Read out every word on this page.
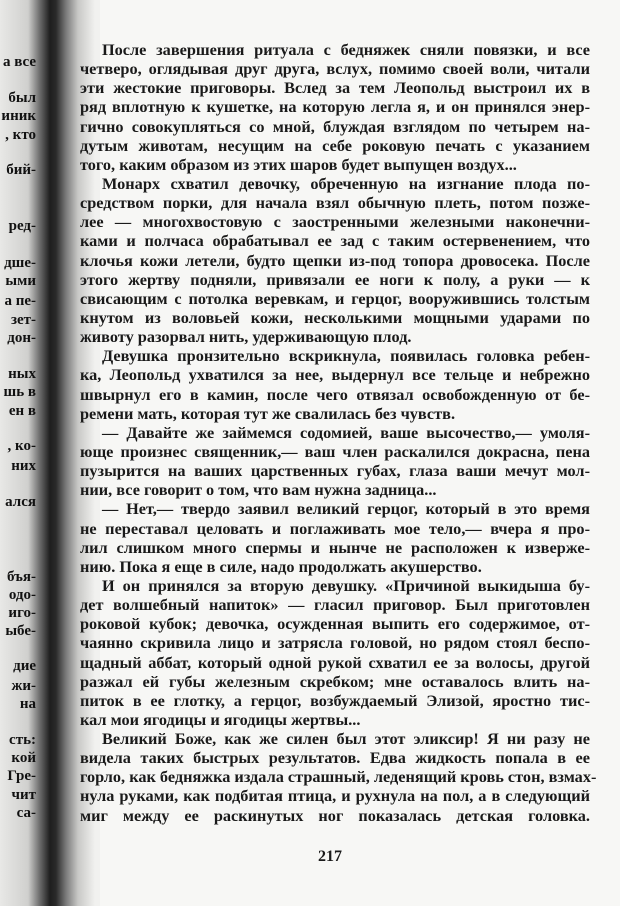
а все
был
иник
, кто
бий-
ред-
дше-
ыми
а пе-
зет-
дон-
ных
шь в
ен в
, ко-
них
ался
бъя-
одо-
иго-
ыбе-
дие
жи-
на
сть:
кой
Гре-
чит
са-
После завершения ритуала с бедняжек сняли повязки, и все
четверо, оглядывая друг друга, вслух, помимо своей воли, читали
эти жестокие приговоры. Вслед за тем Леопольд выстроил их в
ряд вплотную к кушетке, на которую легла я, и он принялся энер-
гично совокупляться со мной, блуждая взглядом по четырем на-
дутым животам, несущим на себе роковую печать с указанием
того, каким образом из этих шаров будет выпущен воздух...
Монарх схватил девочку, обреченную на изгнание плода по-
средством порки, для начала взял обычную плеть, потом позже-
лее — многохвостовую с заостренными железными наконечни-
ками и полчаса обрабатывал ее зад с таким остервенением, что
клочья кожи летели, будто щепки из-под топора дровосека. После
этого жертву подняли, привязали ее ноги к полу, а руки — к
свисающим с потолка веревкам, и герцог, вооружившись толстым
кнутом из воловьей кожи, несколькими мощными ударами по
животу разорвал нить, удерживающую плод.
Девушка пронзительно вскрикнула, появилась головка ребен-
ка, Леопольд ухватился за нее, выдернул все тельце и небрежно
швырнул его в камин, после чего отвязал освобожденную от бе-
ремени мать, которая тут же свалилась без чувств.
— Давайте же займемся содомией, ваше высочество,— умоля-
юще произнес священник,— ваш член раскалился докрасна, пена
пузырится на ваших царственных губах, глаза ваши мечут мол-
нии, все говорит о том, что вам нужна задница...
— Нет,— твердо заявил великий герцог, который в это время
не переставал целовать и поглаживать мое тело,— вчера я про-
лил слишком много спермы и нынче не расположен к изверже-
нию. Пока я еще в силе, надо продолжать акушерство.
И он принялся за вторую девушку. «Причиной выкидыша бу-
дет волшебный напиток» — гласил приговор. Был приготовлен
роковой кубок; девочка, осужденная выпить его содержимое, от-
чаянно скривила лицо и затрясла головой, но рядом стоял беспо-
щадный аббат, который одной рукой схватил ее за волосы, другой
разжал ей губы железным скребком; мне оставалось влить на-
питок в ее глотку, а герцог, возбуждаемый Элизой, яростно тис-
кал мои ягодицы и ягодицы жертвы...
Великий Боже, как же силен был этот эликсир! Я ни разу не
видела таких быстрых результатов. Едва жидкость попала в ее
горло, как бедняжка издала страшный, леденящий кровь стон, взмах-
нула руками, как подбитая птица, и рухнула на пол, а в следующий
миг между ее раскинутых ног показалась детская головка.
217
